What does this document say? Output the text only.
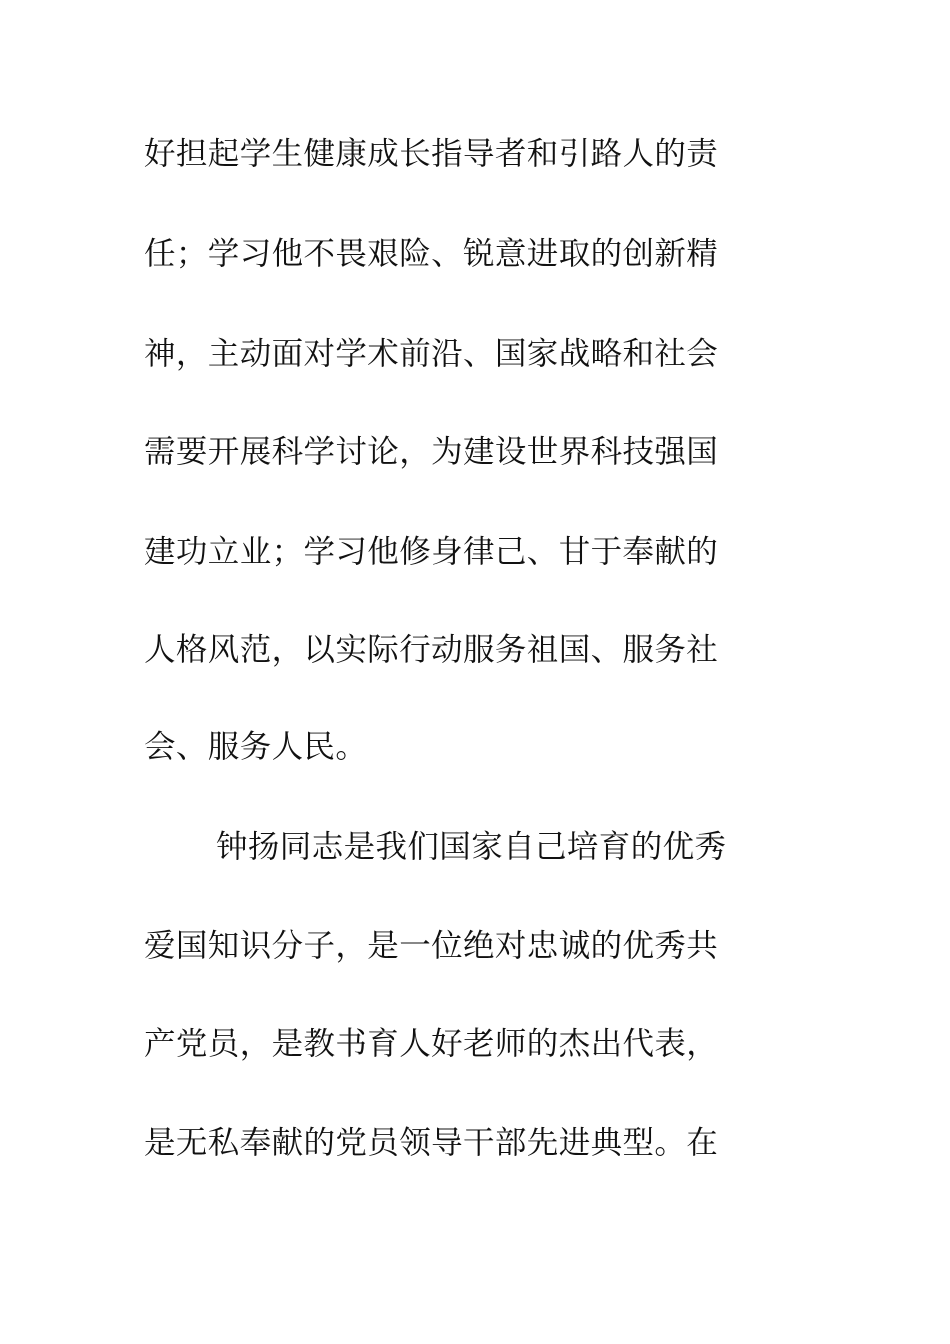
好担起学生健康成长指导者和引路人的责
任；学习他不畏艰险、锐意进取的创新精
神，主动面对学术前沿、国家战略和社会
需要开展科学讨论，为建设世界科技强国
建功立业；学习他修身律己、甘于奉献的
人格风范，以实际行动服务祖国、服务社
会、服务人民。
钟扬同志是我们国家自己培育的优秀
爱国知识分子，是一位绝对忠诚的优秀共
产党员，是教书育人好老师的杰出代表，
是无私奉献的党员领导干部先进典型。在
